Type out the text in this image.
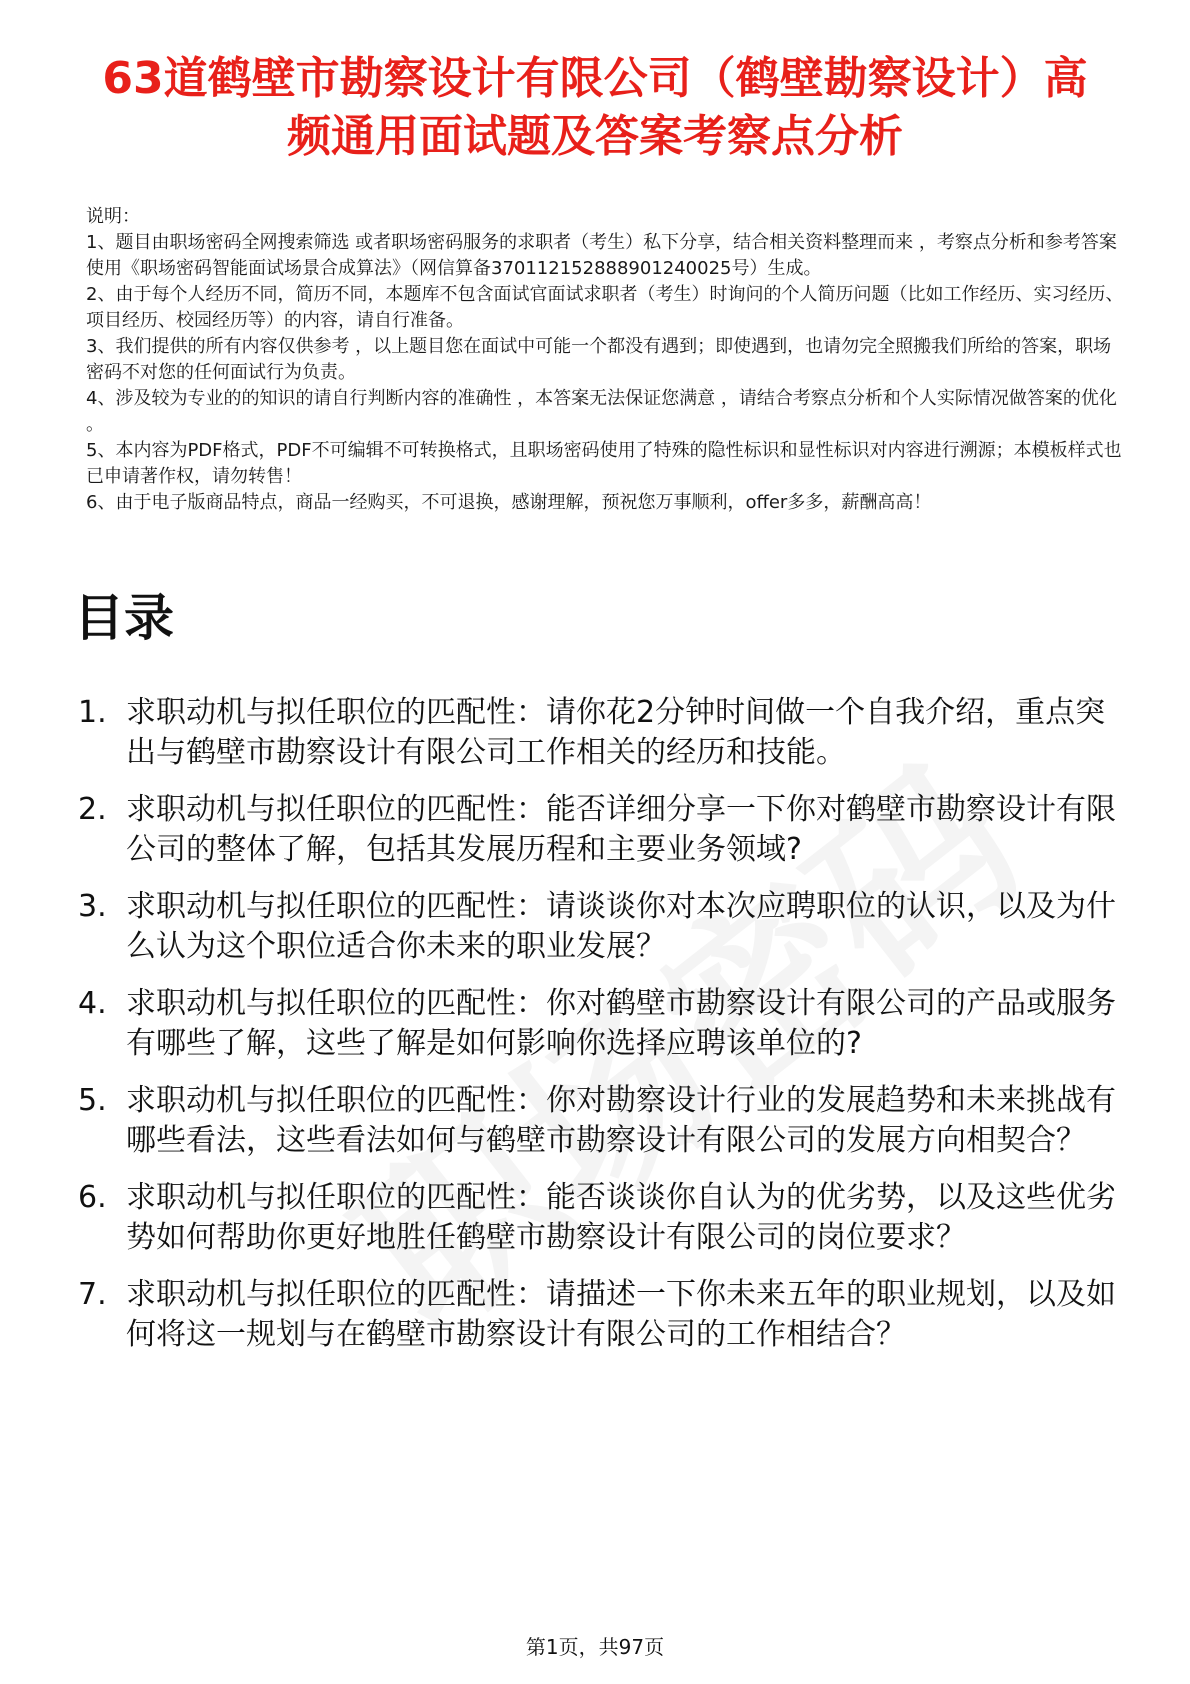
63道鹤壁市勘察设计有限公司（鹤壁勘察设计）高频通用面试题及答案考察点分析

说明：

1、题目由职场密码全网搜索筛选 或者职场密码服务的求职者（考生）私下分享，结合相关资料整理而来 ，考察点分析和参考答案使用《职场密码智能面试场景合成算法》（网信算备370112152888901240025号）生成。

2、由于每个人经历不同，简历不同，本题库不包含面试官面试求职者（考生）时询问的个人简历问题（比如工作经历、实习经历、项目经历、校园经历等）的内容，请自行准备。

3、我们提供的所有内容仅供参考 ，以上题目您在面试中可能一个都没有遇到；即使遇到，也请勿完全照搬我们所给的答案，职场密码不对您的任何面试行为负责。

4、涉及较为专业的的知识的请自行判断内容的准确性 ，本答案无法保证您满意 ，请结合考察点分析和个人实际情况做答案的优化 。

5、本内容为PDF格式，PDF不可编辑不可转换格式，且职场密码使用了特殊的隐性标识和显性标识对内容进行溯源；本模板样式也已申请著作权，请勿转售！

6、由于电子版商品特点，商品一经购买，不可退换，感谢理解，预祝您万事顺利，offer多多，薪酬高高！

目录
1. 求职动机与拟任职位的匹配性：请你花2分钟时间做一个自我介绍，重点突出与鹤壁市勘察设计有限公司工作相关的经历和技能。
2. 求职动机与拟任职位的匹配性：能否详细分享一下你对鹤壁市勘察设计有限公司的整体了解，包括其发展历程和主要业务领域?
3. 求职动机与拟任职位的匹配性：请谈谈你对本次应聘职位的认识，以及为什么认为这个职位适合你未来的职业发展？
4. 求职动机与拟任职位的匹配性：你对鹤壁市勘察设计有限公司的产品或服务有哪些了解，这些了解是如何影响你选择应聘该单位的?
5. 求职动机与拟任职位的匹配性：你对勘察设计行业的发展趋势和未来挑战有哪些看法，这些看法如何与鹤壁市勘察设计有限公司的发展方向相契合？
6. 求职动机与拟任职位的匹配性：能否谈谈你自认为的优劣势，以及这些优劣势如何帮助你更好地胜任鹤壁市勘察设计有限公司的岗位要求？
7. 求职动机与拟任职位的匹配性：请描述一下你未来五年的职业规划，以及如何将这一规划与在鹤壁市勘察设计有限公司的工作相结合？
第1页，共97页
